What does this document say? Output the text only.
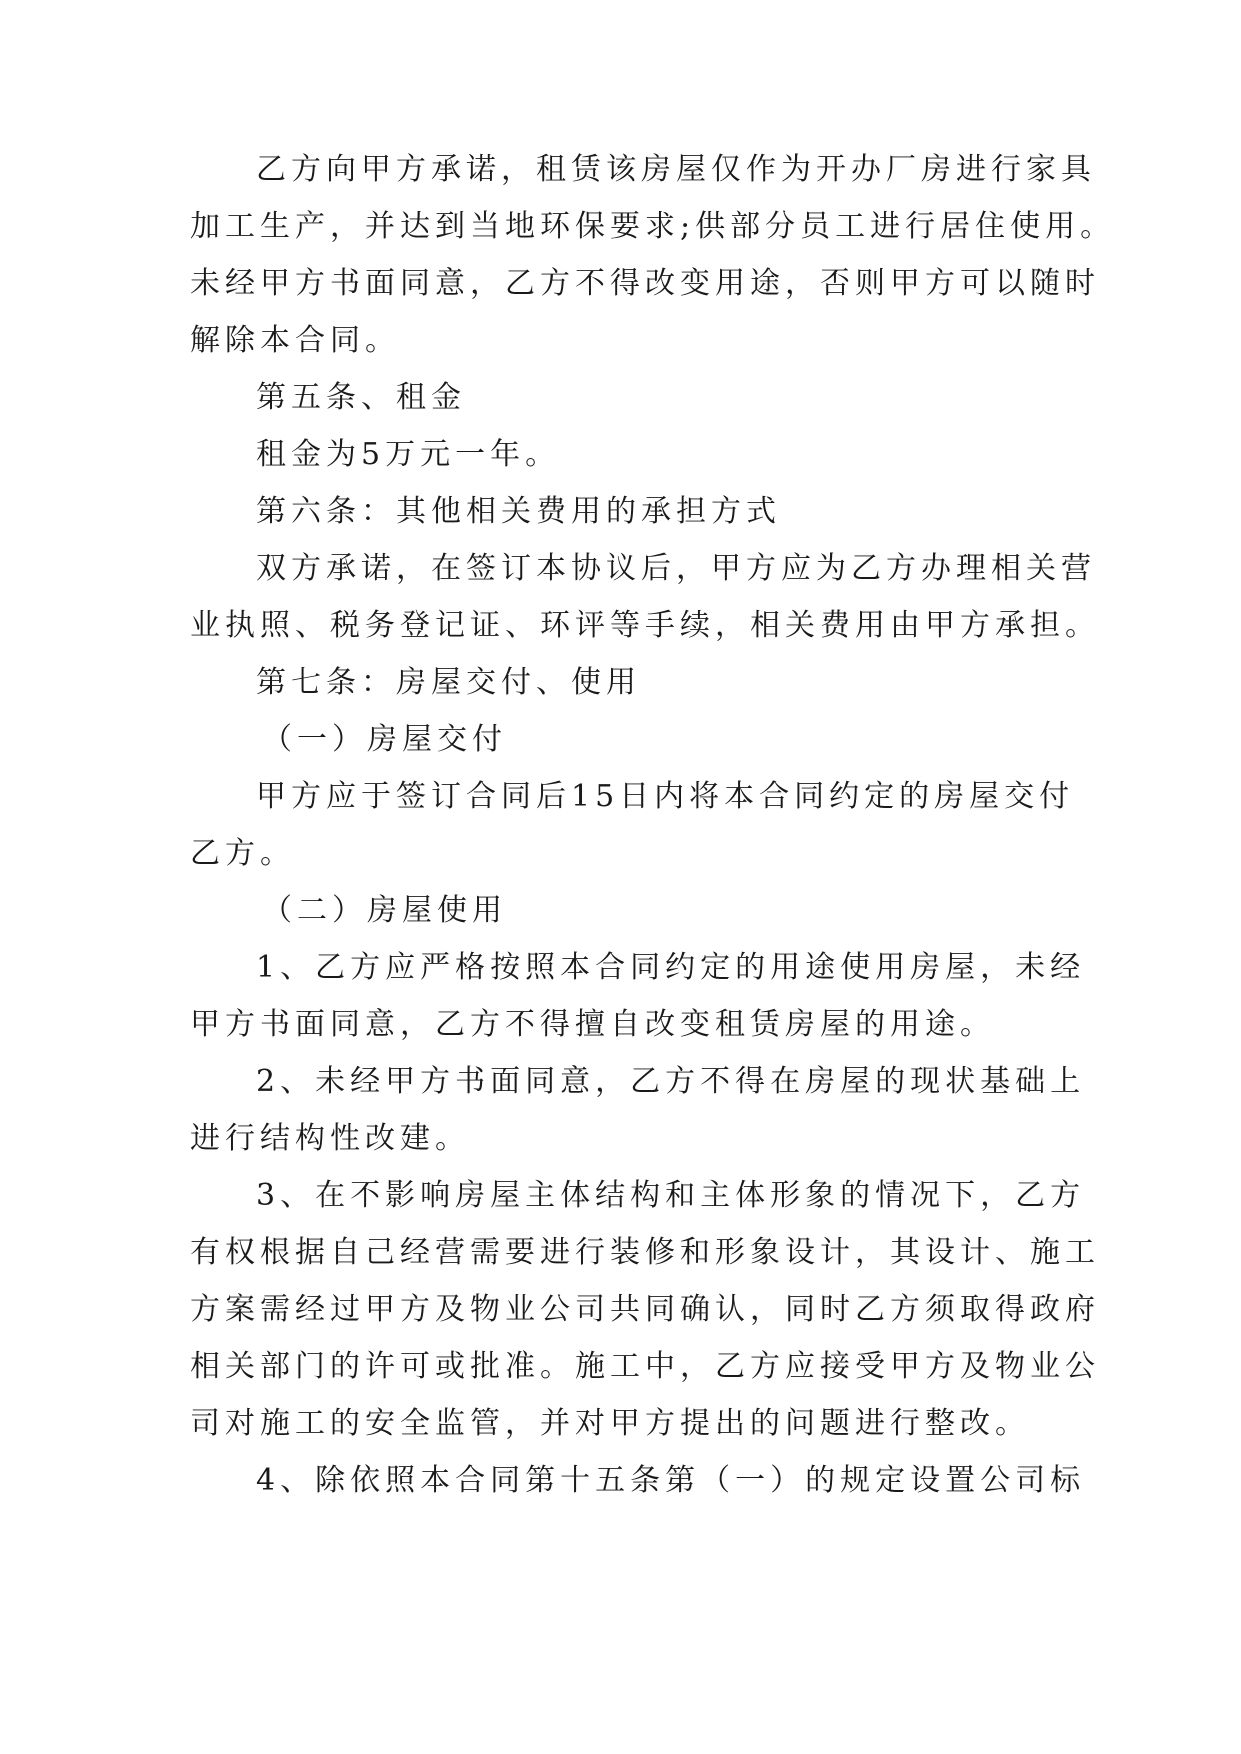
乙方向甲方承诺，租赁该房屋仅作为开办厂房进行家具
加工生产，并达到当地环保要求;供部分员工进行居住使用。
未经甲方书面同意，乙方不得改变用途，否则甲方可以随时
解除本合同。
第五条、租金
租金为5万元一年。
第六条：其他相关费用的承担方式
双方承诺，在签订本协议后，甲方应为乙方办理相关营
业执照、税务登记证、环评等手续，相关费用由甲方承担。
第七条：房屋交付、使用
（一）房屋交付
甲方应于签订合同后15日内将本合同约定的房屋交付
乙方。
（二）房屋使用
1、乙方应严格按照本合同约定的用途使用房屋，未经
甲方书面同意，乙方不得擅自改变租赁房屋的用途。
2、未经甲方书面同意，乙方不得在房屋的现状基础上
进行结构性改建。
3、在不影响房屋主体结构和主体形象的情况下，乙方
有权根据自己经营需要进行装修和形象设计，其设计、施工
方案需经过甲方及物业公司共同确认，同时乙方须取得政府
相关部门的许可或批准。施工中，乙方应接受甲方及物业公
司对施工的安全监管，并对甲方提出的问题进行整改。
4、除依照本合同第十五条第（一）的规定设置公司标
